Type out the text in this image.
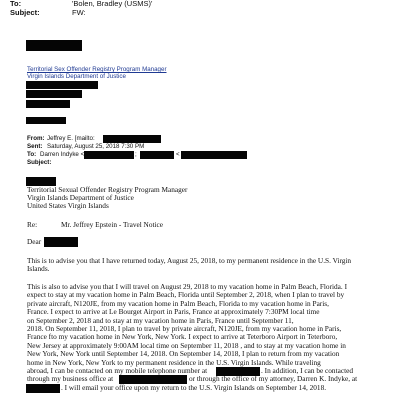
To:	'Bolen, Bradley (USMS)'
Subject:	FW:
Territorial Sex Offender Registry Program Manager
Virgin Islands Department of Justice
From: Jeffrey E. [mailto:
Sent: Saturday, August 25, 2018 7:30 PM
To: Darren Indyke <	;	<
Subject:
Territorial Sexual Offender Registry Program Manager
Virgin Islands Department of Justice
United States Virgin Islands
Re:	Mr. Jeffrey Epstein - Travel Notice
Dear
This is to advise you that I have returned today, August 25, 2018, to my permanent residence in the U.S. Virgin
Islands.
This is also to advise you that I will travel on August 29, 2018 to my vacation home in Palm Beach, Florida. I
expect to stay at my vacation home in Palm Beach, Florida until September 2, 2018, when I plan to travel by
private aircraft, N120JE, from my vacation home in Palm Beach, Florida to my vacation home in Paris,
France. I expect to arrive at Le Bourget Airport in Paris, France at approximately 7:30PM local time
on September 2, 2018 and to stay at my vacation home in Paris, France until September 11,
2018. On September 11, 2018, I plan to travel by private aircraft, N120JE, from my vacation home in Paris,
France fto my vacation home in New York, New York. I expect to arrive at Teterboro Airport in Teterboro,
New Jersey at approximately 9:00AM local time on September 11, 2018 , and to stay at my vacation home in
New York, New York until September 14, 2018. On September 14, 2018, I plan to return from my vacation
home in New York, New York to my permanent residence in the U.S. Virgin Islands. While traveling
abroad, I can be contacted on my mobile telephone number at	. In addition, I can be contacted
through my business office at	or through the office of my attorney, Darren K. Indyke, at
. I will email your office upon my return to the U.S. Virgin Islands on September 14, 2018.
